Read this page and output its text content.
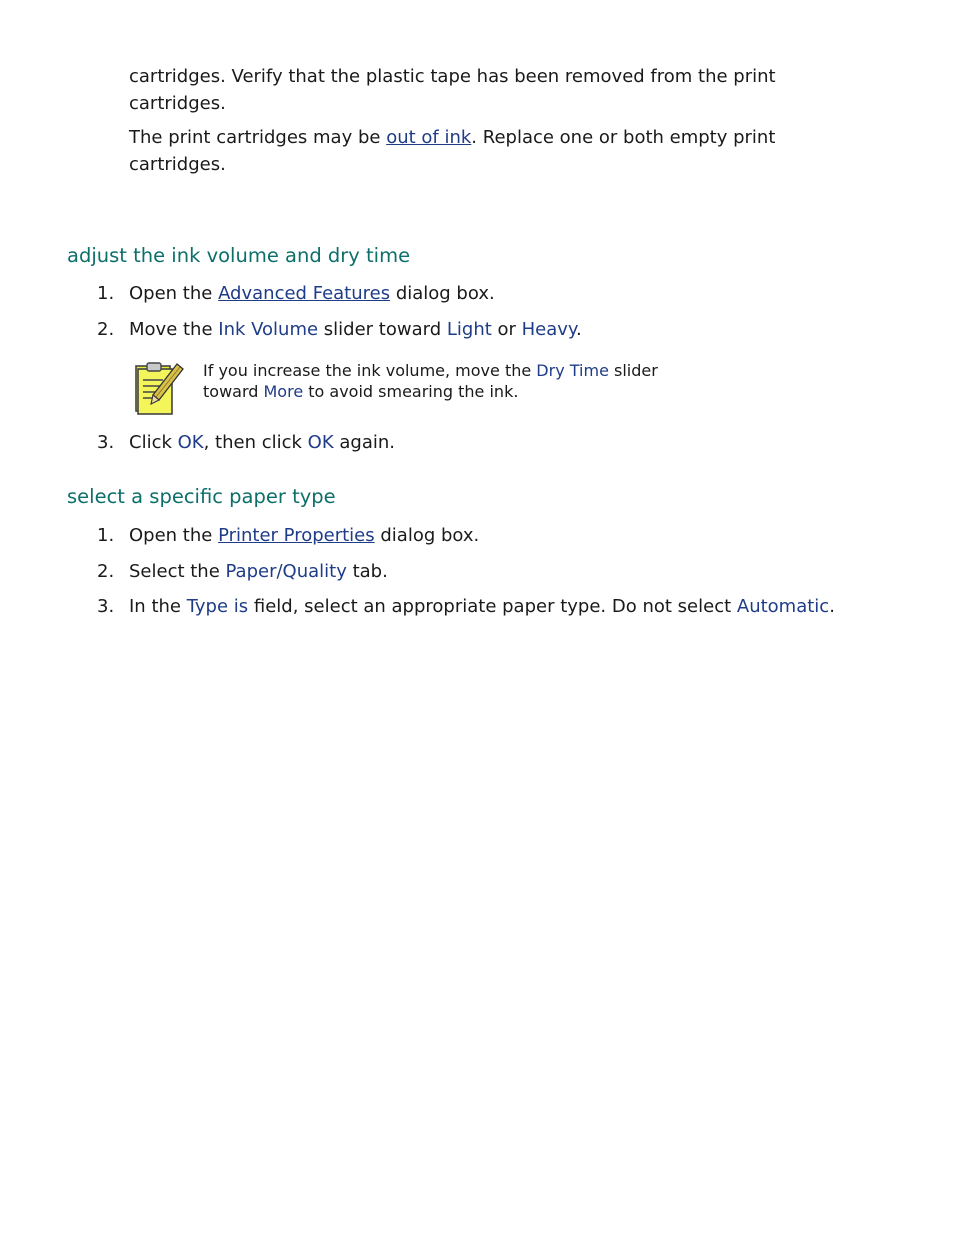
cartridges. Verify that the plastic tape has been removed from the print cartridges.

The print cartridges may be out of ink. Replace one or both empty print cartridges.

adjust the ink volume and dry time
1. Open the Advanced Features dialog box.
2. Move the Ink Volume slider toward Light or Heavy.
If you increase the ink volume, move the Dry Time slider
toward More to avoid smearing the ink.
3. Click OK, then click OK again.
select a specific paper type
1. Open the Printer Properties dialog box.
2. Select the Paper/Quality tab.
3. In the Type is field, select an appropriate paper type. Do not select Automatic.
